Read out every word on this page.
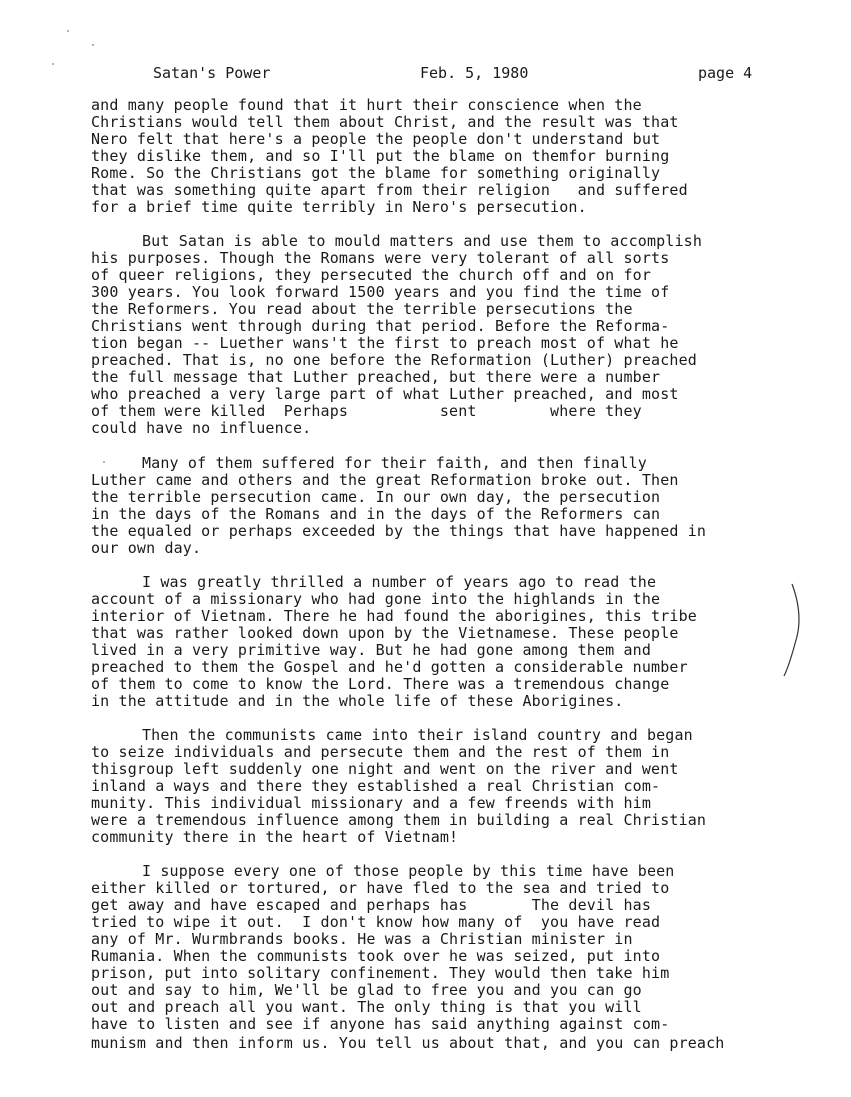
Satan's Power	Feb. 5, 1980	page 4
and many people found that it hurt their conscience when the
Christians would tell them about Christ, and the result was that
Nero felt that here's a people the people don't understand but
they dislike them, and so I'll put the blame on themfor burning
Rome. So the Christians got the blame for something originally
that was something quite apart from their religion   and suffered
for a brief time quite terribly in Nero's persecution.
But Satan is able to mould matters and use them to accomplish
his purposes. Though the Romans were very tolerant of all sorts
of queer religions, they persecuted the church off and on for
300 years. You look forward 1500 years and you find the time of
the Reformers. You read about the terrible persecutions the
Christians went through during that period. Before the Reforma-
tion began -- Luether wans't the first to preach most of what he
preached. That is, no one before the Reformation (Luther) preached
the full message that Luther preached, but there were a number
who preached a very large part of what Luther preached, and most
of them were killed  Perhaps          sent        where they
could have no influence.
Many of them suffered for their faith, and then finally
Luther came and others and the great Reformation broke out. Then
the terrible persecution came. In our own day, the persecution
in the days of the Romans and in the days of the Reformers can
the equaled or perhaps exceeded by the things that have happened in
our own day.
I was greatly thrilled a number of years ago to read the
account of a missionary who had gone into the highlands in the
interior of Vietnam. There he had found the aborigines, this tribe
that was rather looked down upon by the Vietnamese. These people
lived in a very primitive way. But he had gone among them and
preached to them the Gospel and he'd gotten a considerable number
of them to come to know the Lord. There was a tremendous change
in the attitude and in the whole life of these Aborigines.
Then the communists came into their island country and began
to seize individuals and persecute them and the rest of them in
thisgroup left suddenly one night and went on the river and went
inland a ways and there they established a real Christian com-
munity. This individual missionary and a few freends with him
were a tremendous influence among them in building a real Christian
community there in the heart of Vietnam!
I suppose every one of those people by this time have been
either killed or tortured, or have fled to the sea and tried to
get away and have escaped and perhaps has       The devil has
tried to wipe it out.  I don't know how many of  you have read
any of Mr. Wurmbrands books. He was a Christian minister in
Rumania. When the communists took over he was seized, put into
prison, put into solitary confinement. They would then take him
out and say to him, We'll be glad to free you and you can go
out and preach all you want. The only thing is that you will
have to listen and see if anyone has said anything against com-
munism and then inform us. You tell us about that, and you can preach
